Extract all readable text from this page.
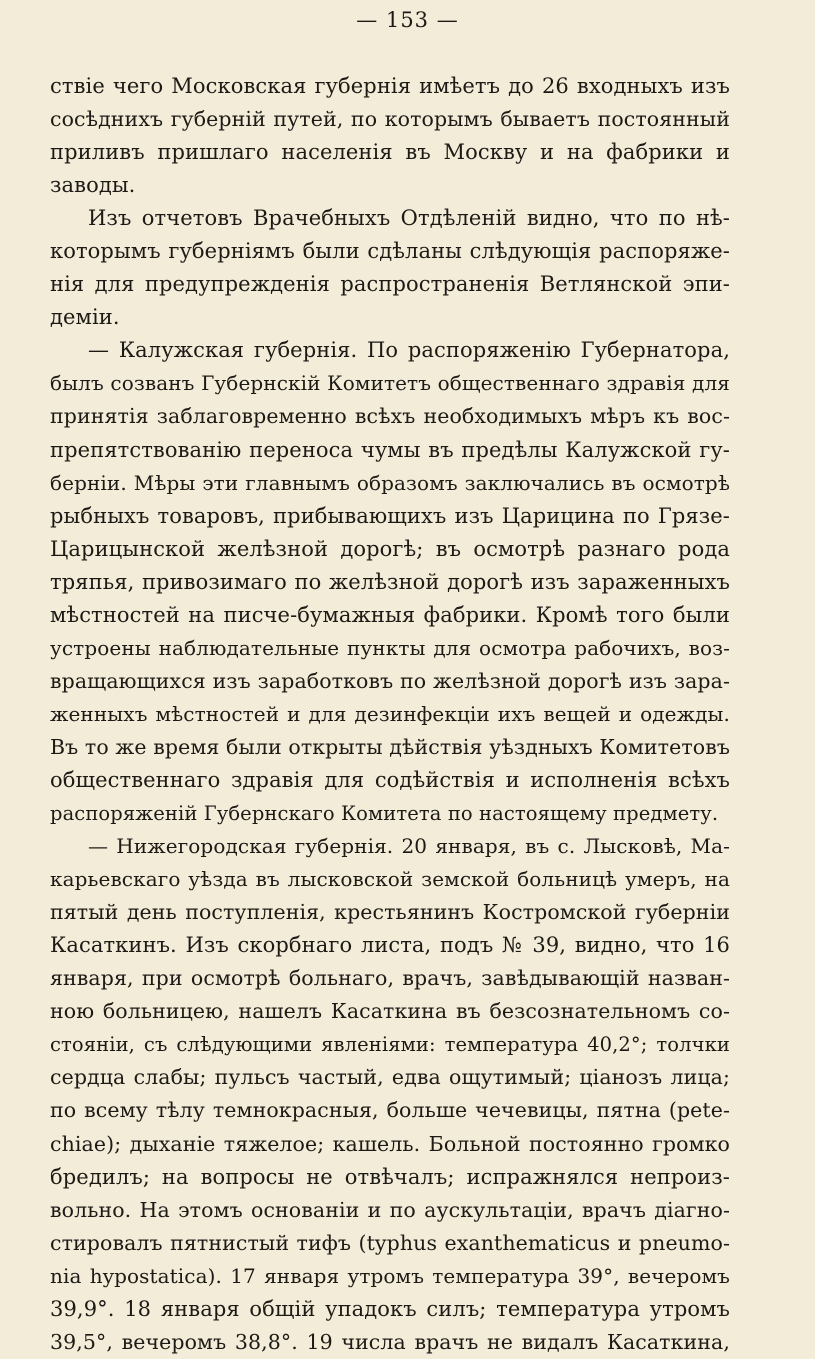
— 153 —
ствіе чего Московская губернія имѣетъ до 26 входныхъ изъ
сосѣднихъ губерній путей, по которымъ бываетъ постоянный
приливъ пришлаго населенія въ Москву и на фабрики и
заводы.
Изъ отчетовъ Врачебныхъ Отдѣленій видно, что по нѣ-
которымъ губерніямъ были сдѣланы слѣдующія распоряже-
нія для предупрежденія распространенія Ветлянской эпи-
деміи.
— Калужская губернія. По распоряженію Губернатора,
былъ созванъ Губернскій Комитетъ общественнаго здравія для
принятія заблаговременно всѣхъ необходимыхъ мѣръ къ вос-
препятствованію переноса чумы въ предѣлы Калужской гу-
берніи. Мѣры эти главнымъ образомъ заключались въ осмотрѣ
рыбныхъ товаровъ, прибывающихъ изъ Царицина по Грязе-
Царицынской желѣзной дорогѣ; въ осмотрѣ разнаго рода
тряпья, привозимаго по желѣзной дорогѣ изъ зараженныхъ
мѣстностей на писче-бумажныя фабрики. Кромѣ того были
устроены наблюдательные пункты для осмотра рабочихъ, воз-
вращающихся изъ заработковъ по желѣзной дорогѣ изъ зара-
женныхъ мѣстностей и для дезинфекціи ихъ вещей и одежды.
Въ то же время были открыты дѣйствія уѣздныхъ Комитетовъ
общественнаго здравія для содѣйствія и исполненія всѣхъ
распоряженій Губернскаго Комитета по настоящему предмету.
— Нижегородская губернія. 20 января, въ с. Лысковѣ, Ма-
карьевскаго уѣзда въ лысковской земской больницѣ умеръ, на
пятый день поступленія, крестьянинъ Костромской губерніи
Касаткинъ. Изъ скорбнаго листа, подъ № 39, видно, что 16
января, при осмотрѣ больнаго, врачъ, завѣдывающій назван-
ною больницею, нашелъ Касаткина въ безсознательномъ со-
стояніи, съ слѣдующими явленіями: температура 40,2°; толчки
сердца слабы; пульсъ частый, едва ощутимый; ціанозъ лица;
по всему тѣлу темнокрасныя, больше чечевицы, пятна (pete-
chiae); дыханіе тяжелое; кашель. Больной постоянно громко
бредилъ; на вопросы не отвѣчалъ; испражнялся непроиз-
вольно. На этомъ основаніи и по аускультаціи, врачъ діагно-
стировалъ пятнистый тифъ (typhus exanthematicus и pneumo-
nia hypostatica). 17 января утромъ температура 39°, вечеромъ
39,9°. 18 января общій упадокъ силъ; температура утромъ
39,5°, вечеромъ 38,8°. 19 числа врачъ не видалъ Касаткина,
